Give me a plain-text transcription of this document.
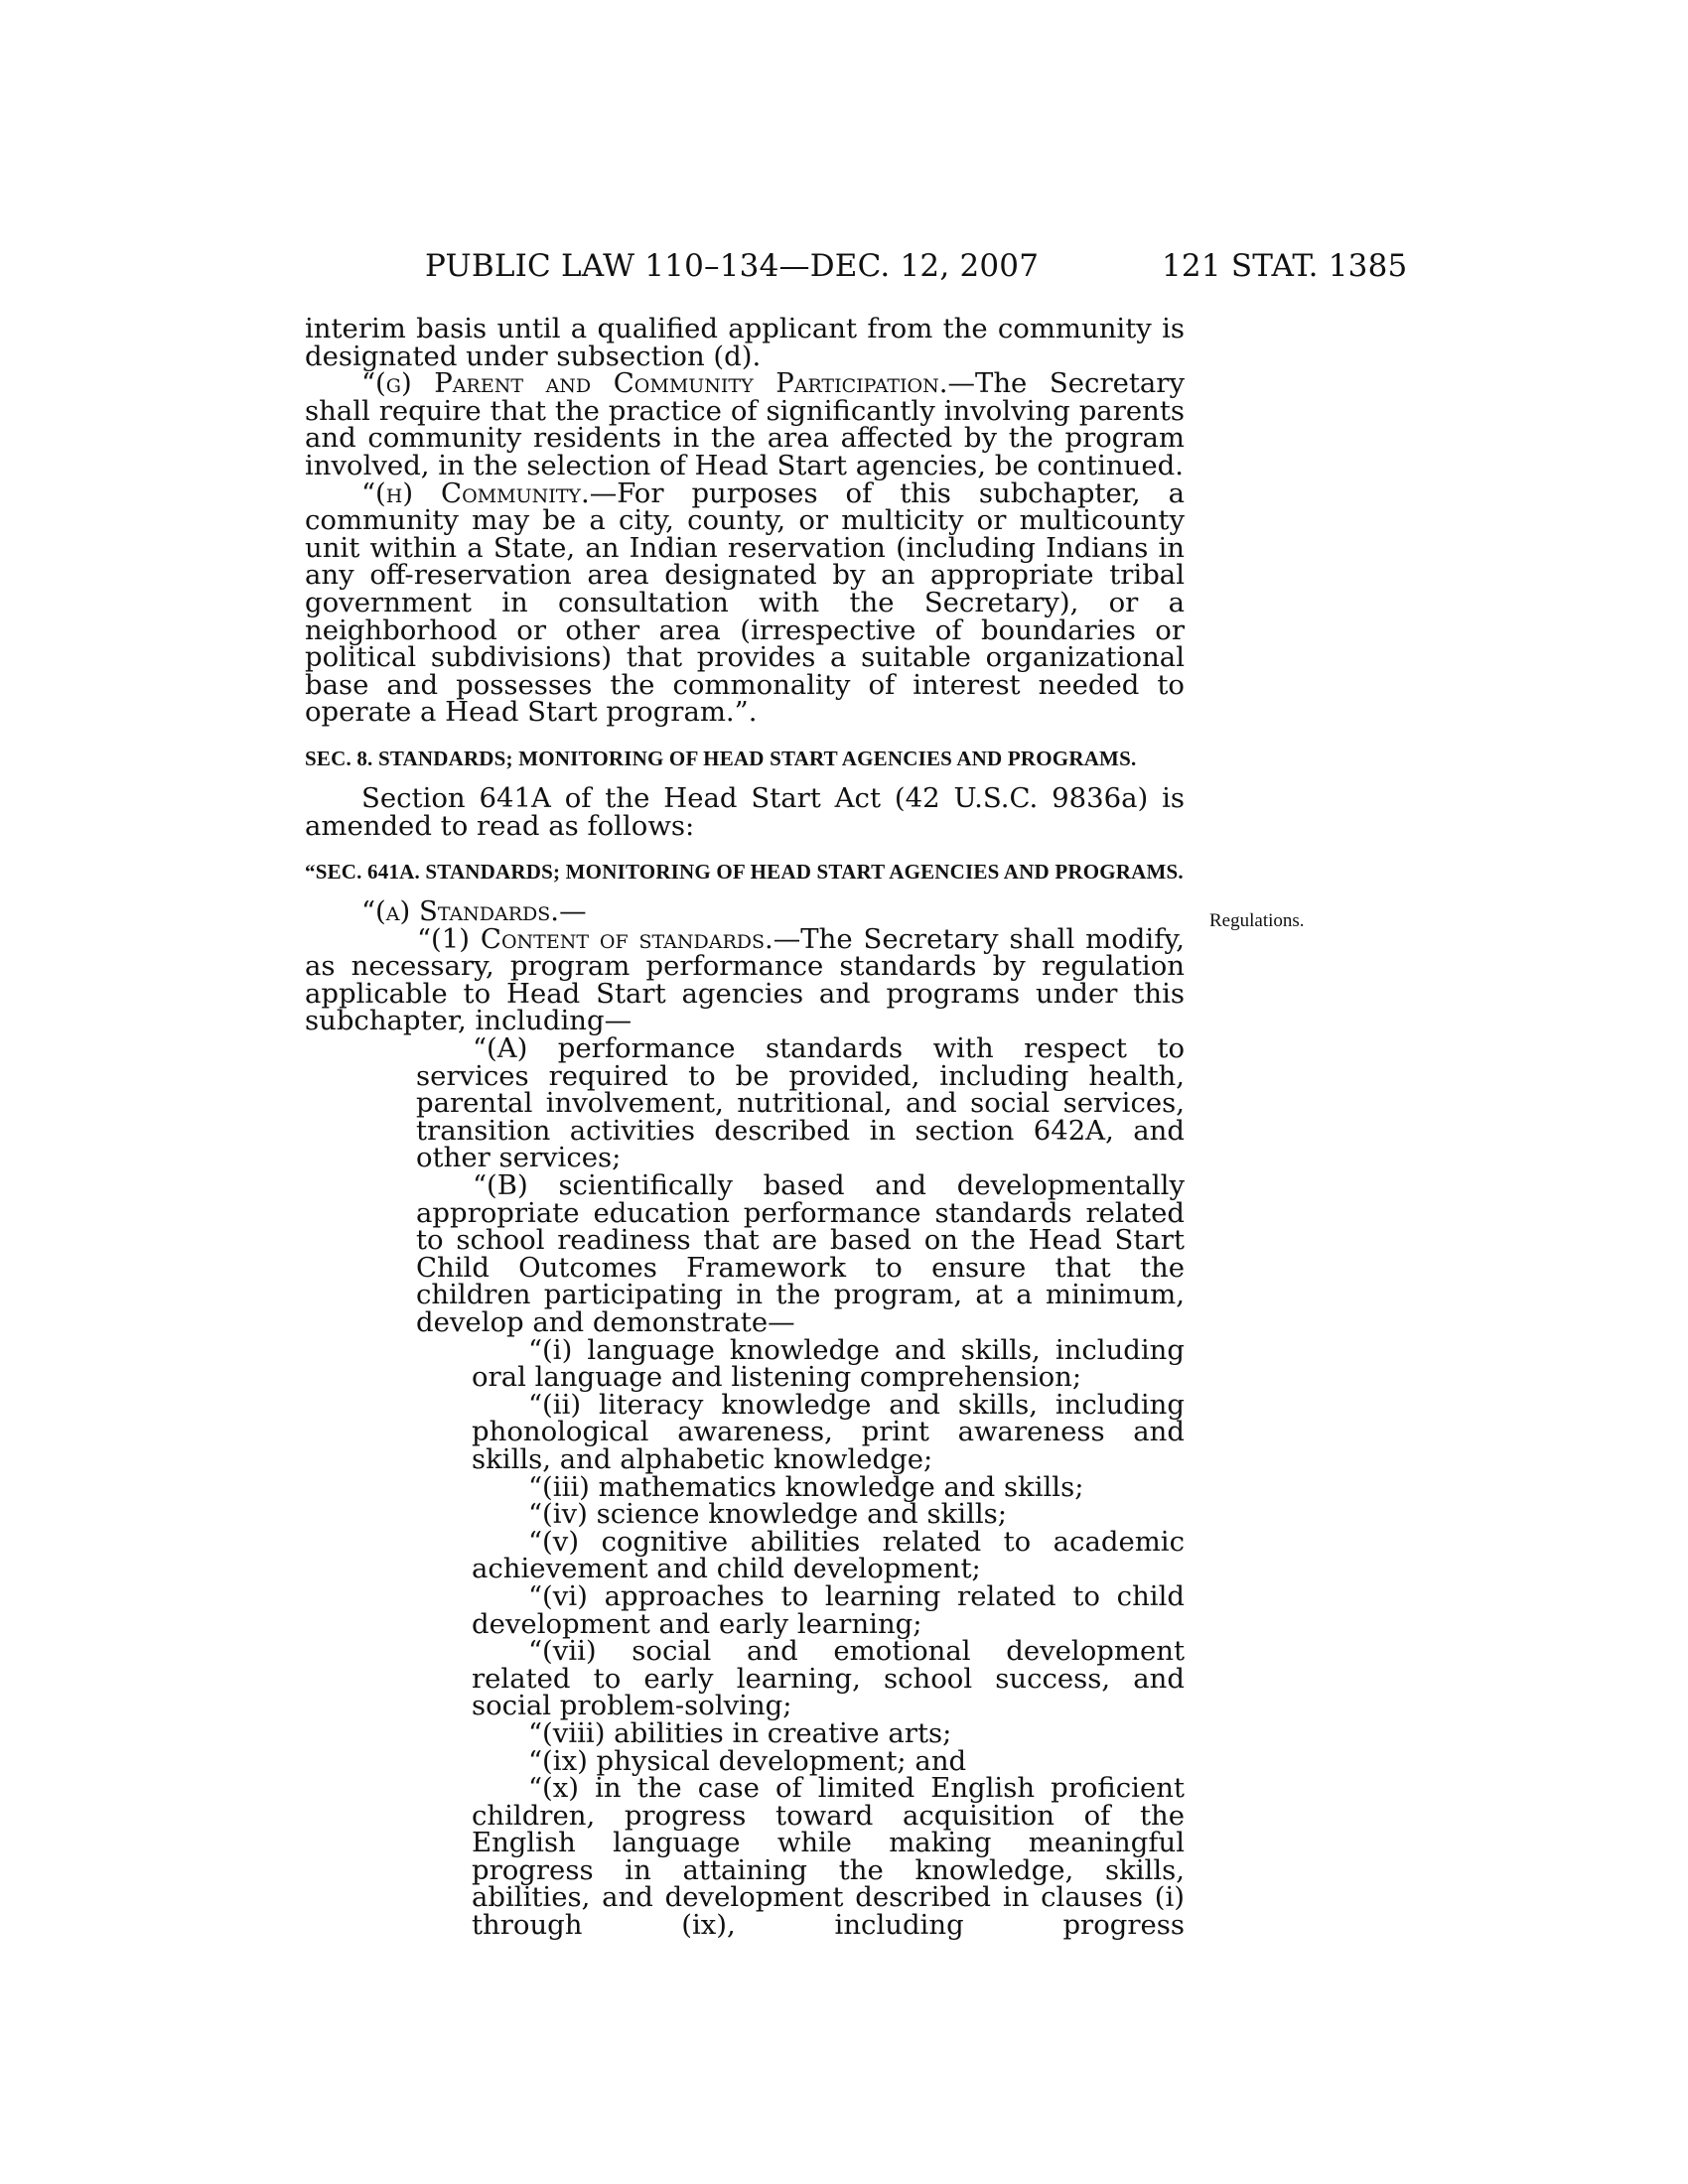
PUBLIC LAW 110–134—DEC. 12, 2007	121 STAT. 1385
Regulations.

interim basis until a qualified applicant from the community is designated under subsection (d).

“(g) Parent and Community Participation.—The Secretary shall require that the practice of significantly involving parents and community residents in the area affected by the program involved, in the selection of Head Start agencies, be continued.

“(h) Community.—For purposes of this subchapter, a community may be a city, county, or multicity or multicounty unit within a State, an Indian reservation (including Indians in any off-reservation area designated by an appropriate tribal government in consultation with the Secretary), or a neighborhood or other area (irrespective of boundaries or political subdivisions) that provides a suitable organizational base and possesses the commonality of interest needed to operate a Head Start program.”.

SEC. 8. STANDARDS; MONITORING OF HEAD START AGENCIES AND PROGRAMS.

Section 641A of the Head Start Act (42 U.S.C. 9836a) is amended to read as follows:

“SEC. 641A. STANDARDS; MONITORING OF HEAD START AGENCIES AND PROGRAMS.

“(a) Standards.—

“(1) Content of standards.—The Secretary shall modify, as necessary, program performance standards by regulation applicable to Head Start agencies and programs under this subchapter, including—

“(A) performance standards with respect to services required to be provided, including health, parental involvement, nutritional, and social services, transition activities described in section 642A, and other services;

“(B) scientifically based and developmentally appropriate education performance standards related to school readiness that are based on the Head Start Child Outcomes Framework to ensure that the children participating in the program, at a minimum, develop and demonstrate—

“(i) language knowledge and skills, including oral language and listening comprehension;

“(ii) literacy knowledge and skills, including phonological awareness, print awareness and skills, and alphabetic knowledge;

“(iii) mathematics knowledge and skills;

“(iv) science knowledge and skills;

“(v) cognitive abilities related to academic achievement and child development;

“(vi) approaches to learning related to child development and early learning;

“(vii) social and emotional development related to early learning, school success, and social problem-solving;

“(viii) abilities in creative arts;

“(ix) physical development; and

“(x) in the case of limited English proficient children, progress toward acquisition of the English language while making meaningful progress in attaining the knowledge, skills, abilities, and development described in clauses (i) through (ix), including progress
